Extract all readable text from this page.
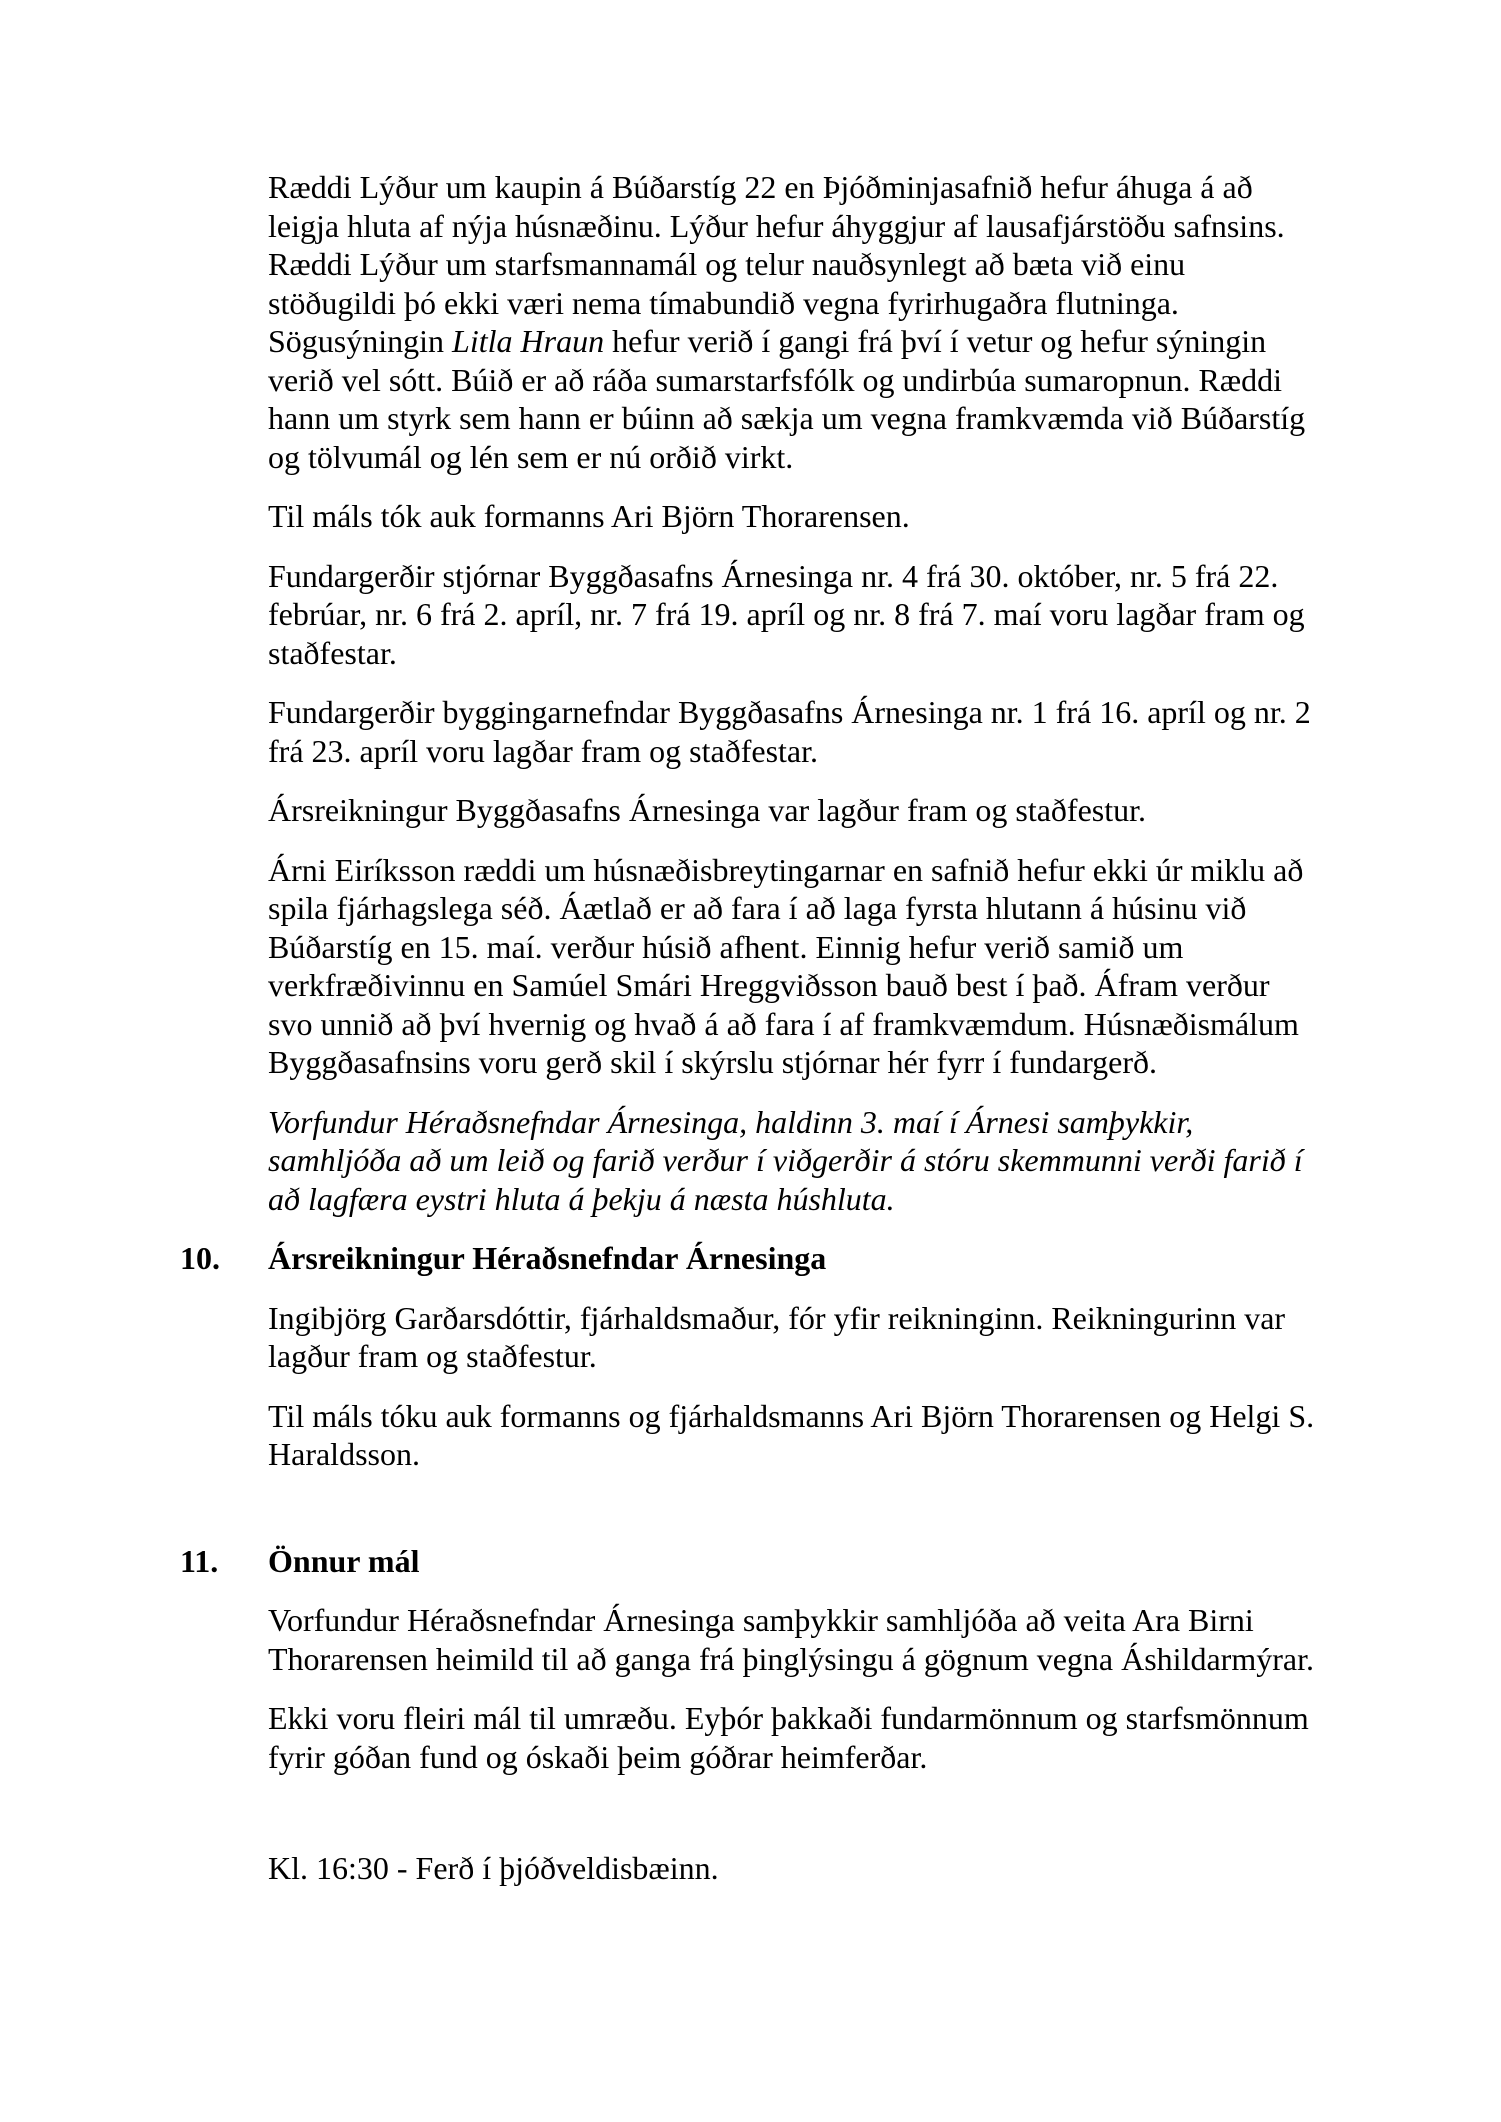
Ræddi Lýður um kaupin á Búðarstíg 22 en Þjóðminjasafnið hefur áhuga á að leigja hluta af nýja húsnæðinu. Lýður hefur áhyggjur af lausafjárstöðu safnsins. Ræddi Lýður um starfsmannamál og telur nauðsynlegt að bæta við einu stöðugildi þó ekki væri nema tímabundið vegna fyrirhugaðra flutninga.

Sögusýningin Litla Hraun hefur verið í gangi frá því í vetur og hefur sýningin verið vel sótt. Búið er að ráða sumarstarfsfólk og undirbúa sumaropnun. Ræddi hann um styrk sem hann er búinn að sækja um vegna framkvæmda við Búðarstíg og tölvumál og lén sem er nú orðið virkt.

Til máls tók auk formanns Ari Björn Thorarensen.

Fundargerðir stjórnar Byggðasafns Árnesinga nr. 4 frá 30. október, nr. 5 frá 22. febrúar, nr. 6 frá 2. apríl, nr. 7 frá 19. apríl og nr. 8 frá 7. maí voru lagðar fram og staðfestar.

Fundargerðir byggingarnefndar Byggðasafns Árnesinga nr. 1 frá 16. apríl og nr. 2 frá 23. apríl voru lagðar fram og staðfestar.

Ársreikningur Byggðasafns Árnesinga var lagður fram og staðfestur.

Árni Eiríksson ræddi um húsnæðisbreytingarnar en safnið hefur ekki úr miklu að spila fjárhagslega séð. Áætlað er að fara í að laga fyrsta hlutann á húsinu við Búðarstíg en 15. maí. verður húsið afhent. Einnig hefur verið samið um verkfræðivinnu en Samúel Smári Hreggviðsson bauð best í það. Áfram verður svo unnið að því hvernig og hvað á að fara í af framkvæmdum. Húsnæðismálum Byggðasafnsins voru gerð skil í skýrslu stjórnar hér fyrr í fundargerð.

Vorfundur Héraðsnefndar Árnesinga, haldinn 3. maí í Árnesi samþykkir, samhljóða að um leið og farið verður í viðgerðir á stóru skemmunni verði farið í að lagfæra eystri hluta á þekju á næsta húshluta.

10.	Ársreikningur Héraðsnefndar Árnesinga

Ingibjörg Garðarsdóttir, fjárhaldsmaður, fór yfir reikninginn. Reikningurinn var lagður fram og staðfestur.

Til máls tóku auk formanns og fjárhaldsmanns Ari Björn Thorarensen og Helgi S. Haraldsson.

11.	Önnur mál

Vorfundur Héraðsnefndar Árnesinga samþykkir samhljóða að veita Ara Birni Thorarensen heimild til að ganga frá þinglýsingu á gögnum vegna Áshildarmýrar.

Ekki voru fleiri mál til umræðu. Eyþór þakkaði fundarmönnum og starfsmönnum fyrir góðan fund og óskaði þeim góðrar heimferðar.

Kl. 16:30 - Ferð í þjóðveldisbæinn.
